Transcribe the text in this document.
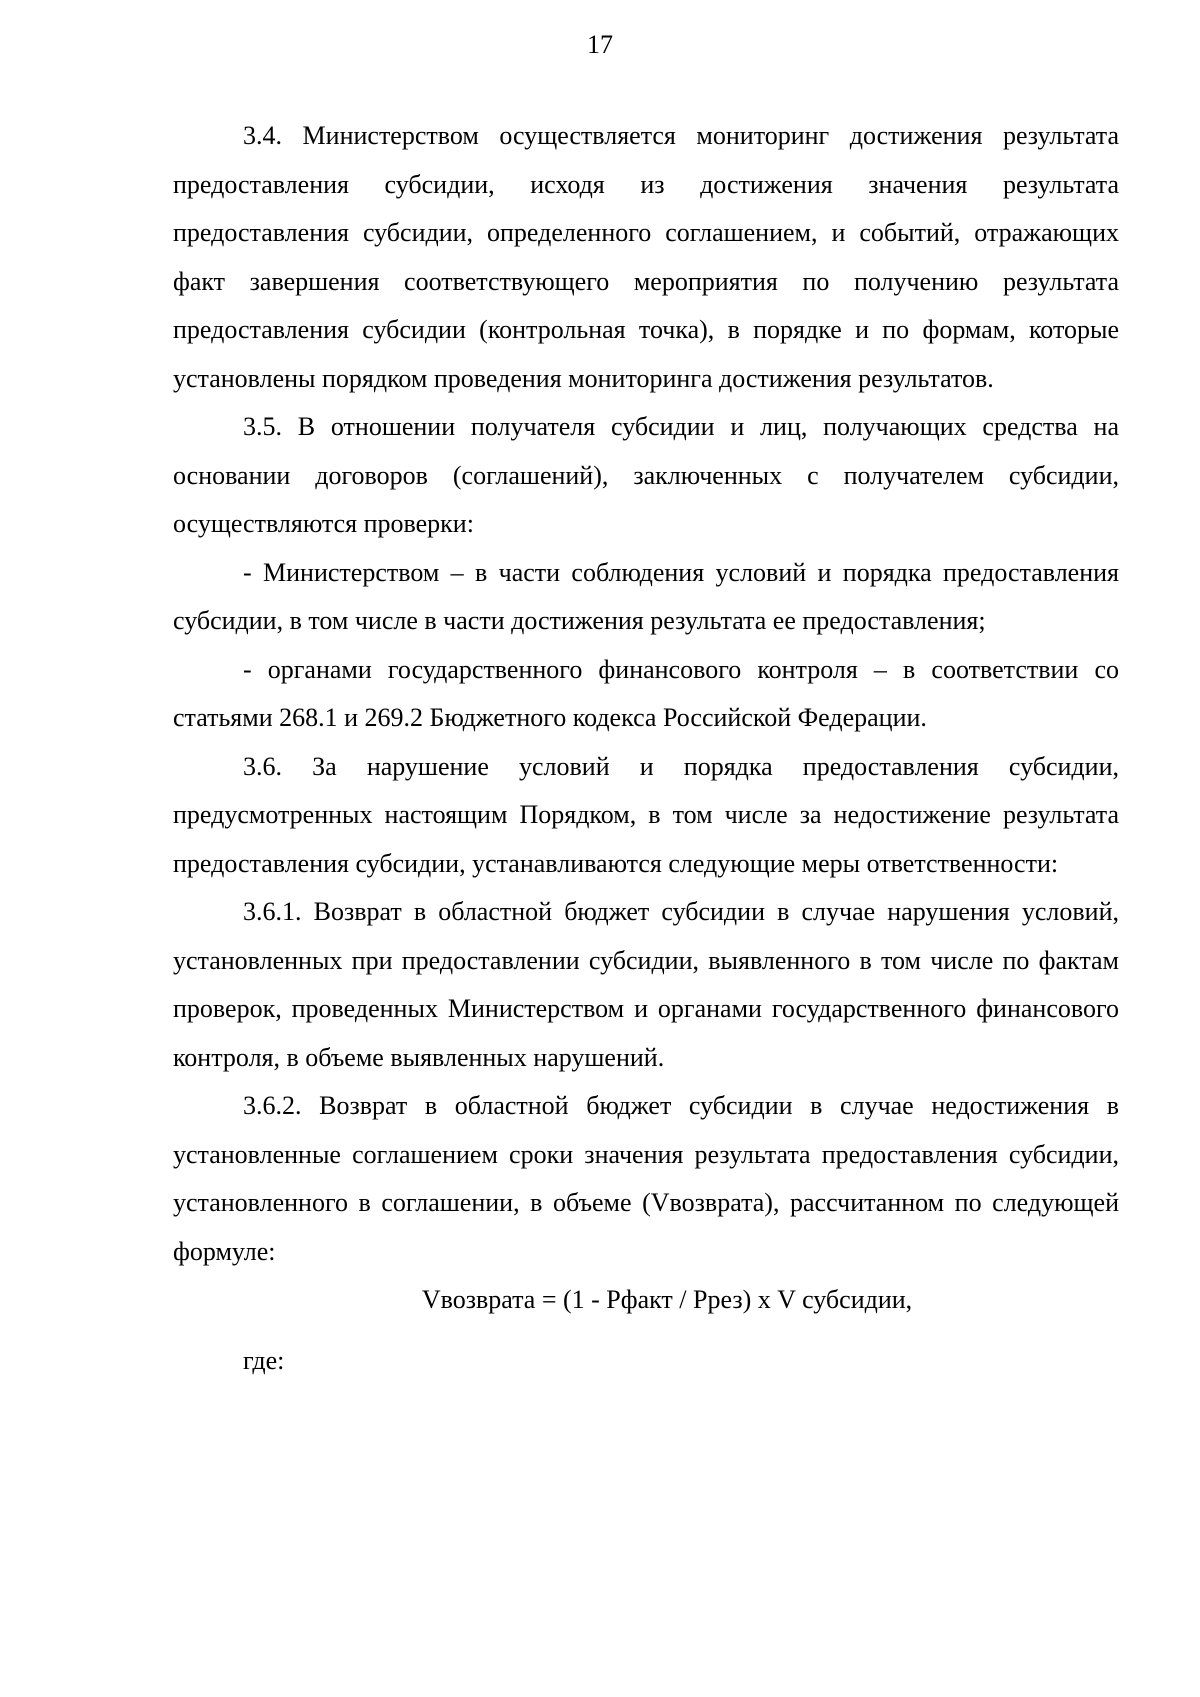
17

3.4. Министерством осуществляется мониторинг достижения результата предоставления субсидии, исходя из достижения значения результата предоставления субсидии, определенного соглашением, и событий, отражающих факт завершения соответствующего мероприятия по получению результата предоставления субсидии (контрольная точка), в порядке и по формам, которые установлены порядком проведения мониторинга достижения результатов.

3.5. В отношении получателя субсидии и лиц, получающих средства на основании договоров (соглашений), заключенных с получателем субсидии, осуществляются проверки:

- Министерством – в части соблюдения условий и порядка предоставления субсидии, в том числе в части достижения результата ее предоставления;

- органами государственного финансового контроля – в соответствии со статьями 268.1 и 269.2 Бюджетного кодекса Российской Федерации.

3.6. За нарушение условий и порядка предоставления субсидии, предусмотренных настоящим Порядком, в том числе за недостижение результата предоставления субсидии, устанавливаются следующие меры ответственности:

3.6.1. Возврат в областной бюджет субсидии в случае нарушения условий, установленных при предоставлении субсидии, выявленного в том числе по фактам проверок, проведенных Министерством и органами государственного финансового контроля, в объеме выявленных нарушений.

3.6.2. Возврат в областной бюджет субсидии в случае недостижения в установленные соглашением сроки значения результата предоставления субсидии, установленного в соглашении, в объеме (Vвозврата), рассчитанном по следующей формуле:

Vвозврата = (1 - Рфакт / Ррез) х V субсидии,

где:
